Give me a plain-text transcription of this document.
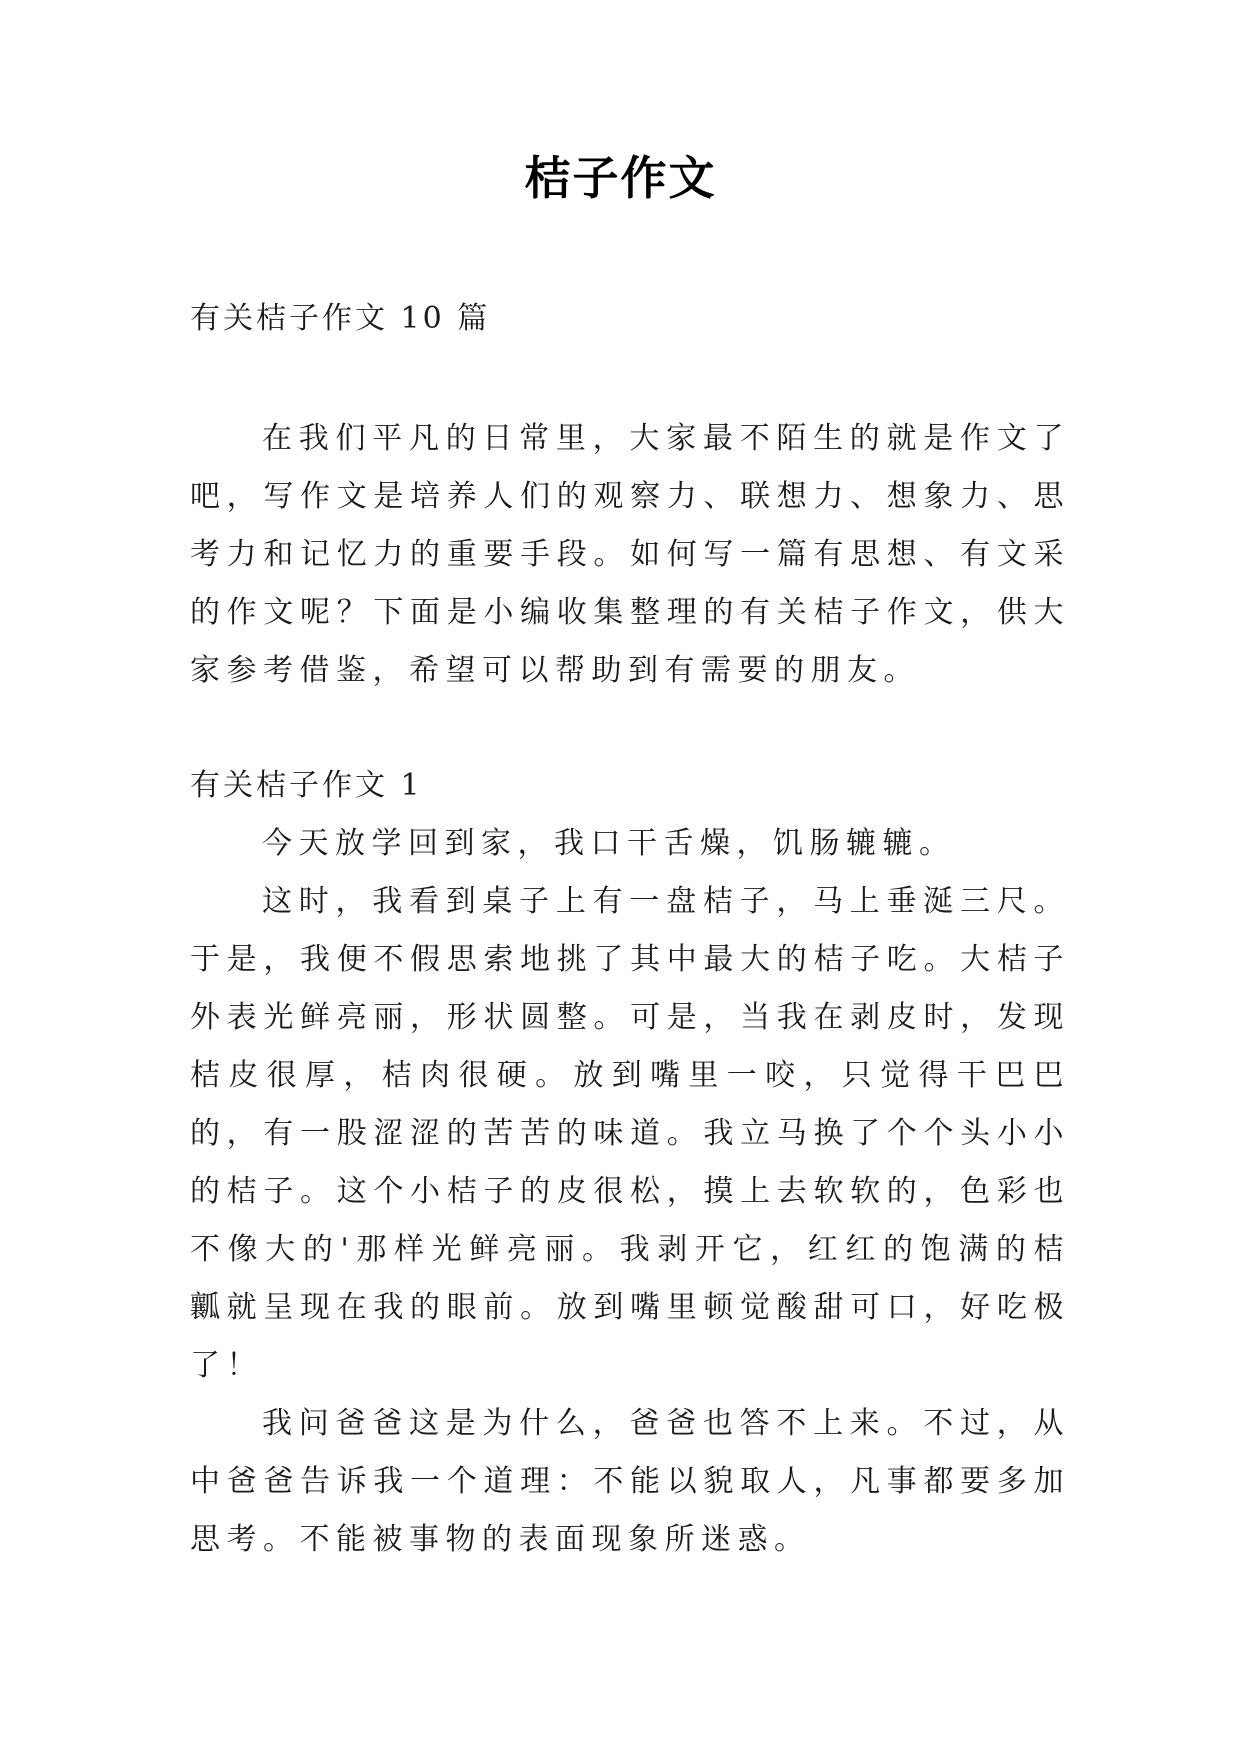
桔子作文

有关桔子作文 10 篇

在我们平凡的日常里，大家最不陌生的就是作文了吧，写作文是培养人们的观察力、联想力、想象力、思考力和记忆力的重要手段。如何写一篇有思想、有文采的作文呢？下面是小编收集整理的有关桔子作文，供大家参考借鉴，希望可以帮助到有需要的朋友。

有关桔子作文 1

今天放学回到家，我口干舌燥，饥肠辘辘。

这时，我看到桌子上有一盘桔子，马上垂涎三尺。于是，我便不假思索地挑了其中最大的桔子吃。大桔子外表光鲜亮丽，形状圆整。可是，当我在剥皮时，发现桔皮很厚，桔肉很硬。放到嘴里一咬，只觉得干巴巴的，有一股涩涩的苦苦的味道。我立马换了个个头小小的桔子。这个小桔子的皮很松，摸上去软软的，色彩也不像大的'那样光鲜亮丽。我剥开它，红红的饱满的桔瓤就呈现在我的眼前。放到嘴里顿觉酸甜可口，好吃极了！

我问爸爸这是为什么，爸爸也答不上来。不过，从中爸爸告诉我一个道理：不能以貌取人，凡事都要多加思考。不能被事物的表面现象所迷惑。
